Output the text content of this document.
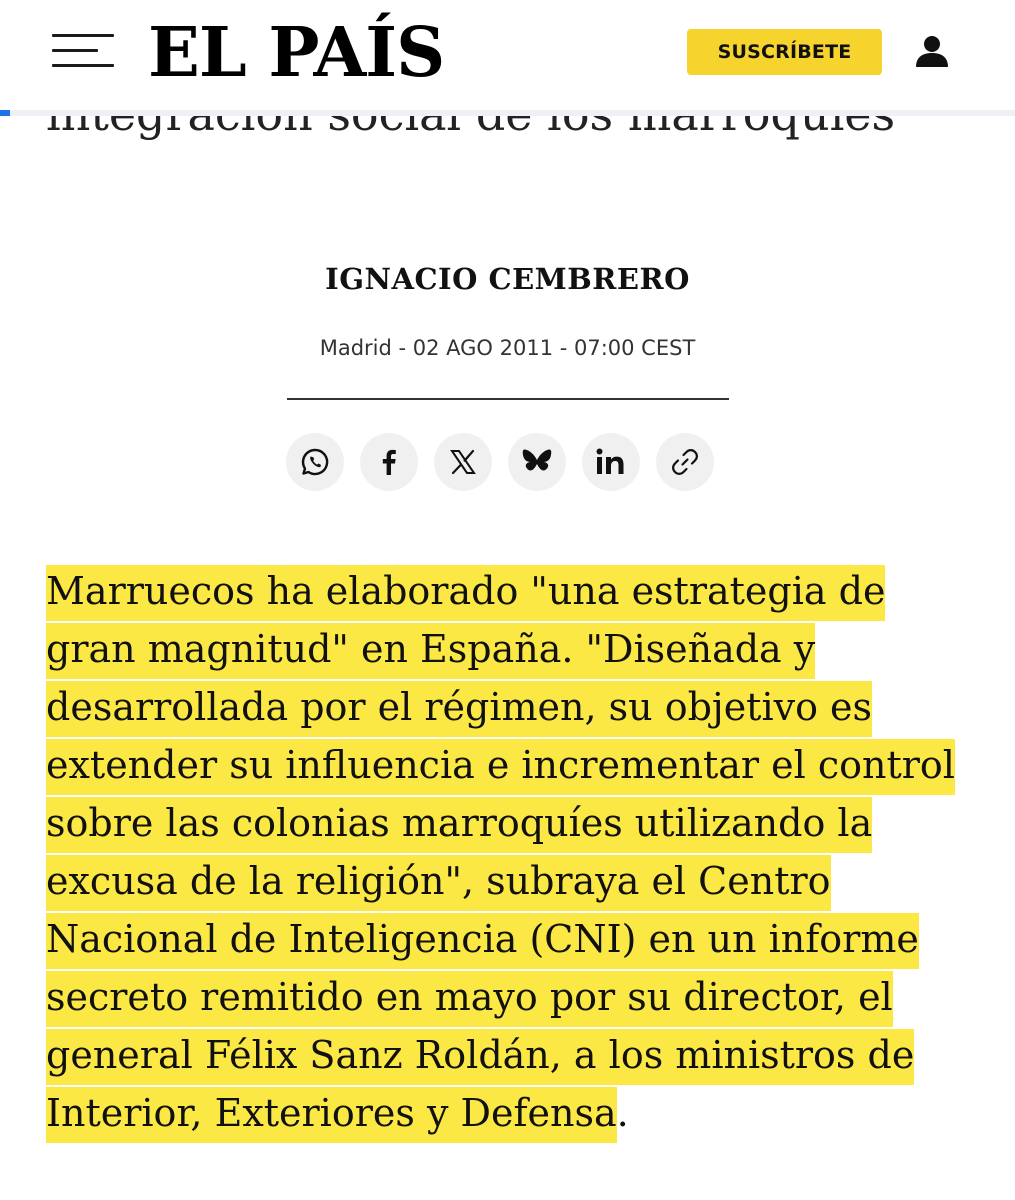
EL PAÍS	SUSCRÍBETE
IGNACIO CEMBRERO
Madrid - 02 AGO 2011 - 07:00 CEST

Marruecos ha elaborado "una estrategia de gran magnitud" en España. "Diseñada y desarrollada por el régimen, su objetivo es extender su influencia e incrementar el control sobre las colonias marroquíes utilizando la excusa de la religión", subraya el Centro Nacional de Inteligencia (CNI) en un informe secreto remitido en mayo por su director, el general Félix Sanz Roldán, a los ministros de Interior, Exteriores y Defensa.
